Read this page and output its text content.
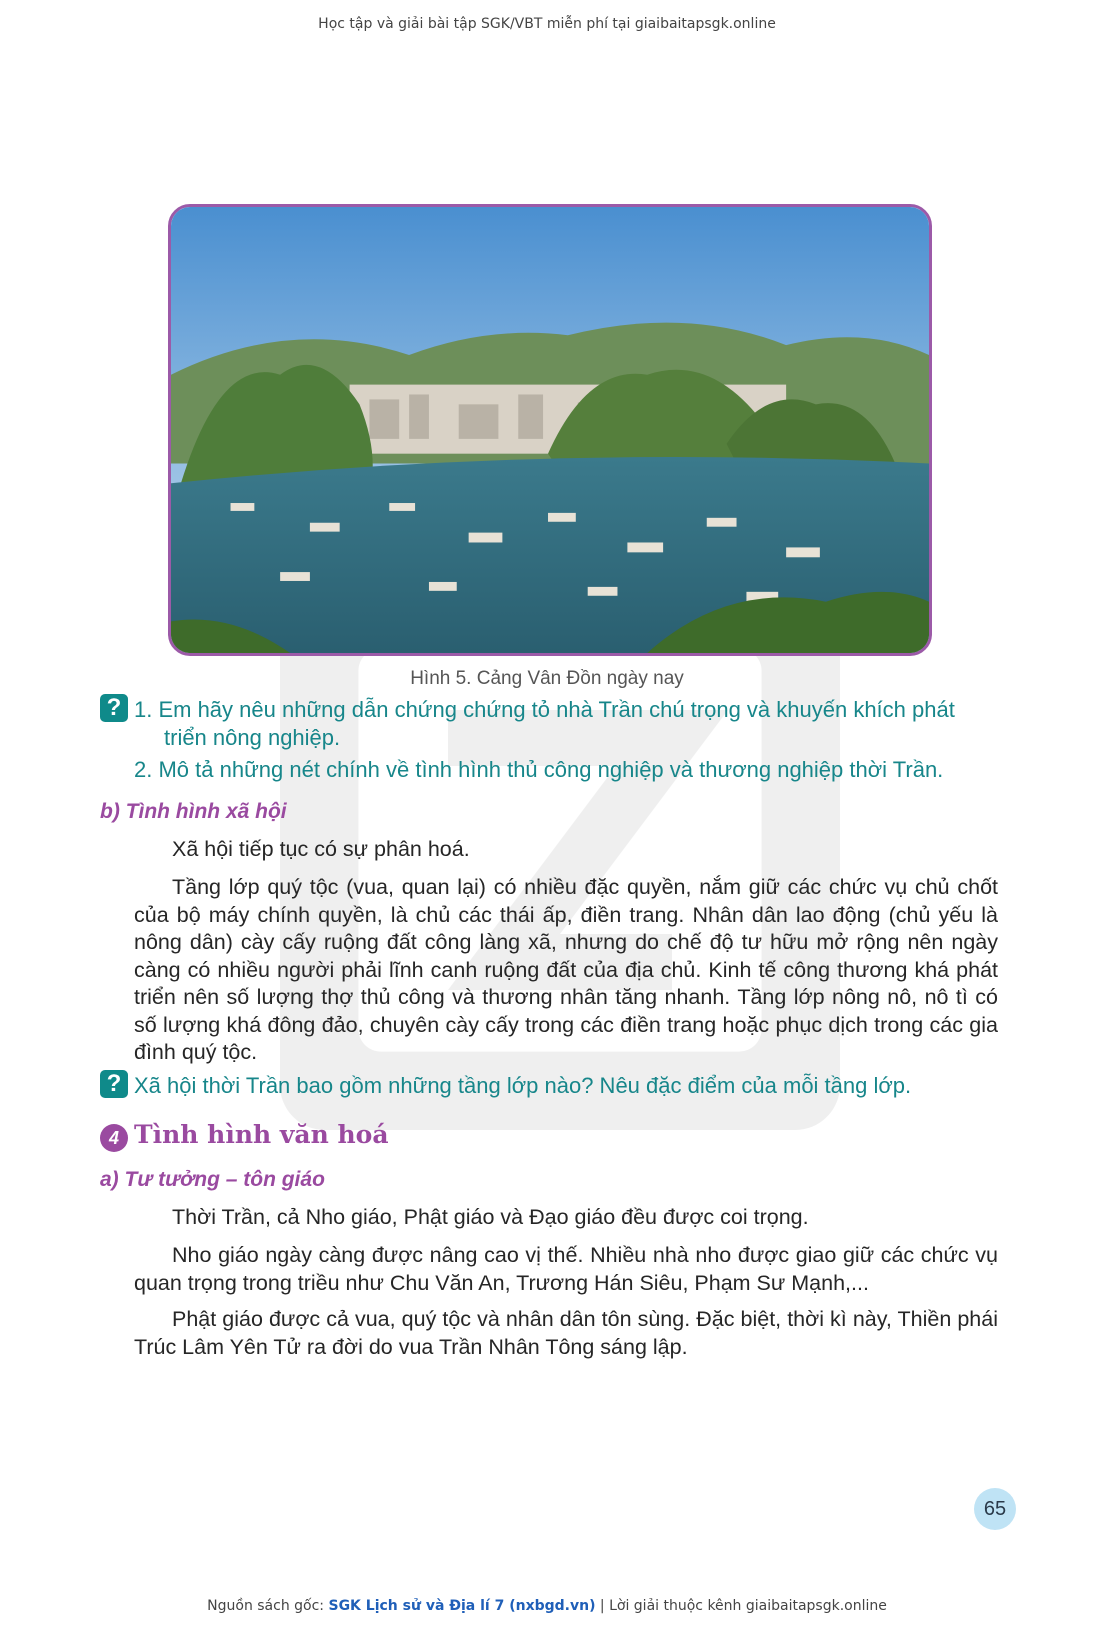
Học tập và giải bài tập SGK/VBT miễn phí tại giaibaitapsgk.online
Hình 5. Cảng Vân Đồn ngày nay
? 1. Em hãy nêu những dẫn chứng chứng tỏ nhà Trần chú trọng và khuyến khích phát
triển nông nghiệp.
2. Mô tả những nét chính về tình hình thủ công nghiệp và thương nghiệp thời Trần.
b) Tình hình xã hội
Xã hội tiếp tục có sự phân hoá.
Tầng lớp quý tộc (vua, quan lại) có nhiều đặc quyền, nắm giữ các chức vụ chủ chốt của bộ máy chính quyền, là chủ các thái ấp, điền trang. Nhân dân lao động (chủ yếu là nông dân) cày cấy ruộng đất công làng xã, nhưng do chế độ tư hữu mở rộng nên ngày càng có nhiều người phải lĩnh canh ruộng đất của địa chủ. Kinh tế công thương khá phát triển nên số lượng thợ thủ công và thương nhân tăng nhanh. Tầng lớp nông nô, nô tì có số lượng khá đông đảo, chuyên cày cấy trong các điền trang hoặc phục dịch trong các gia đình quý tộc.
? Xã hội thời Trần bao gồm những tầng lớp nào? Nêu đặc điểm của mỗi tầng lớp.
4 Tình hình văn hoá
a) Tư tưởng – tôn giáo
Thời Trần, cả Nho giáo, Phật giáo và Đạo giáo đều được coi trọng.
Nho giáo ngày càng được nâng cao vị thế. Nhiều nhà nho được giao giữ các chức vụ quan trọng trong triều như Chu Văn An, Trương Hán Siêu, Phạm Sư Mạnh,...
Phật giáo được cả vua, quý tộc và nhân dân tôn sùng. Đặc biệt, thời kì này, Thiền phái Trúc Lâm Yên Tử ra đời do vua Trần Nhân Tông sáng lập.
65
Nguồn sách gốc: SGK Lịch sử và Địa lí 7 (nxbgd.vn) | Lời giải thuộc kênh giaibaitapsgk.online
